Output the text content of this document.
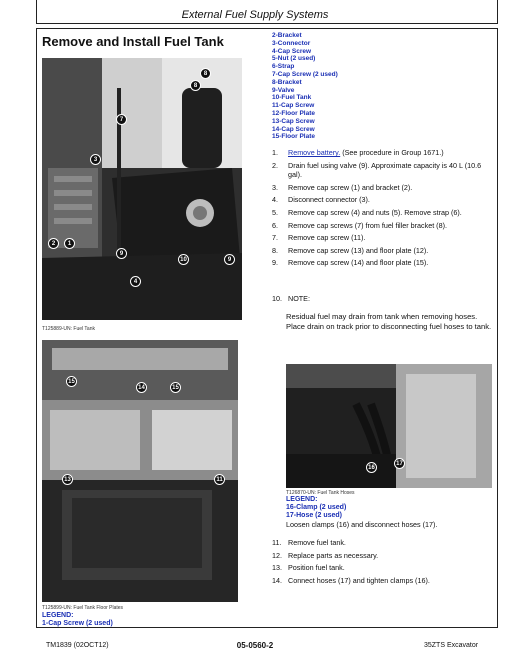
External Fuel Supply Systems
Remove and Install Fuel Tank	2-Bracket
3-Connector
4-Cap Screw
5-Nut (2 used)
6-Strap
7-Cap Screw (2 used)
8-Bracket
9-Valve
10-Fuel Tank
11-Cap Screw
12-Floor Plate
13-Cap Screw
14-Cap Screw
15-Floor Plate
7
8
8
3
2	1
9
10	9
4
T125889-UN: Fuel Tank
15
14	15
13	11
T125899-UN: Fuel Tank Floor Plates
LEGEND:
1-Cap Screw (2 used)
1.	Remove battery. (See procedure in Group 1671.)
2.	Drain fuel using valve (9). Approximate capacity is 40 L (10.6 gal).
3.	Remove cap screw (1) and bracket (2).
4.	Disconnect connector (3).
5.	Remove cap screw (4) and nuts (5). Remove strap (6).
6.	Remove cap screws (7) from fuel filler bracket (8).
7.	Remove cap screw (11).
8.	Remove cap screw (13) and floor plate (12).
9.	Remove cap screw (14) and floor plate (15).
10. NOTE:
Residual fuel may drain from tank when removing hoses. Place drain on track prior to disconnecting fuel hoses to tank.
16
17
T126870-UN: Fuel Tank Hoses
LEGEND:
16-Clamp (2 used)
17-Hose (2 used)
Loosen clamps (16) and disconnect hoses (17).
11. Remove fuel tank.
12. Replace parts as necessary.
13. Position fuel tank.
14. Connect hoses (17) and tighten clamps (16).
TM1839 (02OCT12)	05-0560-2	35ZTS Excavator
